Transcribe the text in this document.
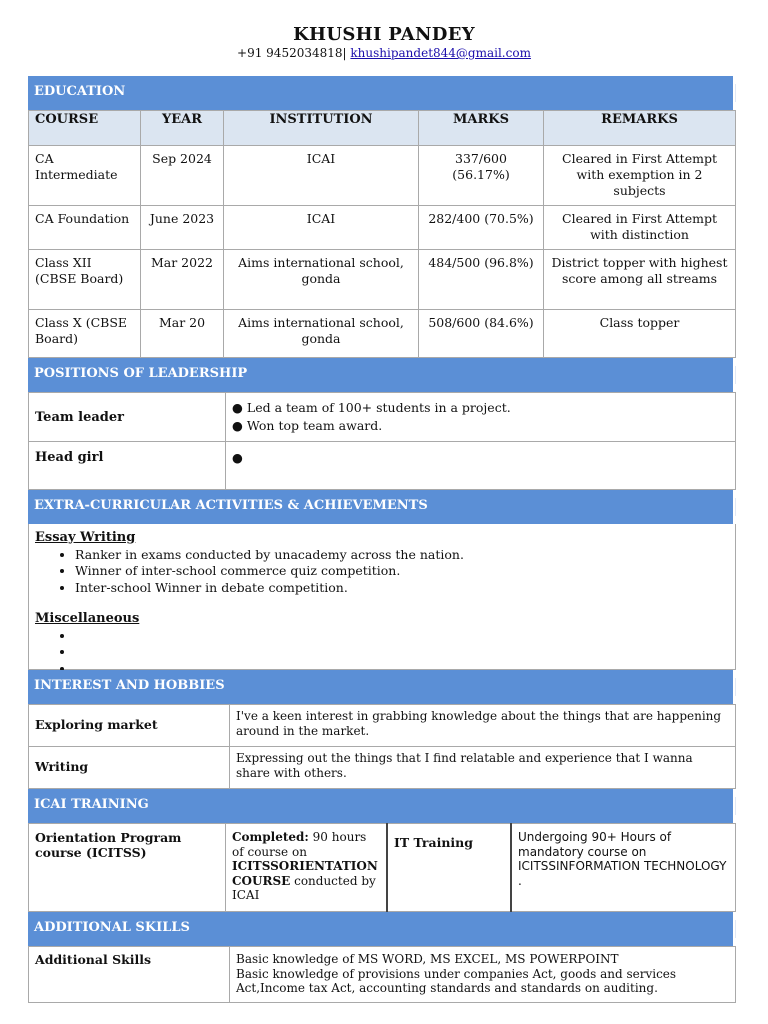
KHUSHI PANDEY
+91 9452034818| khushipandet844@gmail.com
EDUCATION
COURSE	YEAR	INSTITUTION	MARKS	REMARKS
CA Intermediate	Sep 2024	ICAI	337/600 (56.17%)	Cleared in First Attempt with exemption in 2 subjects
CA Foundation	June 2023	ICAI	282/400 (70.5%)	Cleared in First Attempt with distinction
Class XII (CBSE Board)	Mar 2022	Aims international school, gonda	484/500 (96.8%)	District topper with highest score among all streams
Class X (CBSE Board)	Mar 20	Aims international school, gonda	508/600 (84.6%)	Class topper
POSITIONS OF LEADERSHIP
Team leader	● Led a team of 100+ students in a project.
● Won top team award.

Head girl	●
EXTRA-CURRICULAR ACTIVITIES & ACHIEVEMENTS
Essay Writing
• Ranker in exams conducted by unacademy across the nation.
• Winner of inter-school commerce quiz competition.
• Inter-school Winner in debate competition.
Miscellaneous
•
•
•
INTEREST AND HOBBIES
Exploring market	I've a keen interest in grabbing knowledge about the things that are happening around in the market.
Writing	Expressing out the things that I find relatable and experience that I wanna share with others.
ICAI TRAINING
Orientation Program course (ICITSS)	Completed: 90 hours of course on ICITSSORIENTATION COURSE conducted by ICAI	IT Training	Undergoing 90+ Hours of mandatory course on ICITSSINFORMATION TECHNOLOGY .
ADDITIONAL SKILLS
Additional Skills	Basic knowledge of MS WORD, MS EXCEL, MS POWERPOINT
Basic knowledge of provisions under companies Act, goods and services Act,Income tax Act, accounting standards and standards on auditing.
